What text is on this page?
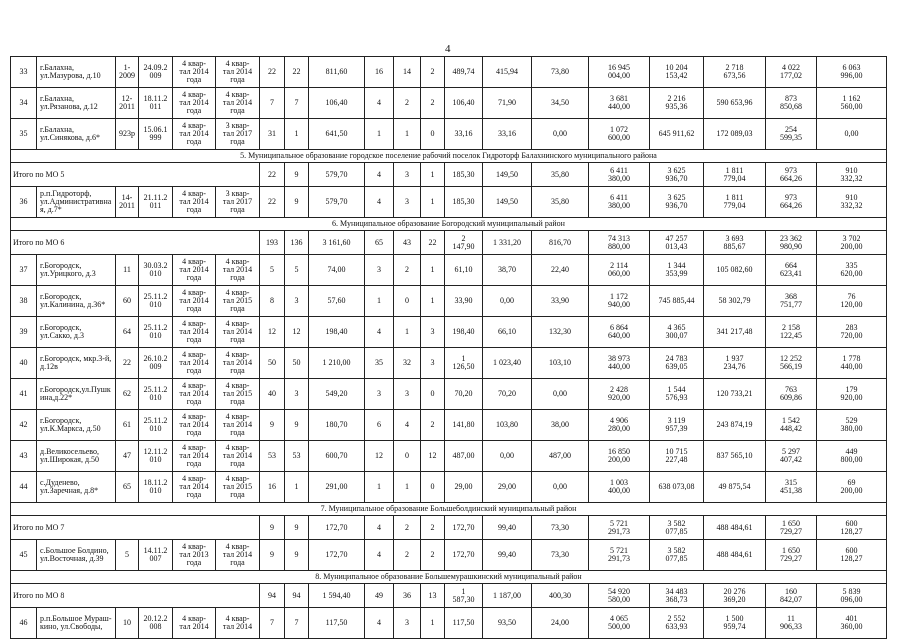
4
33	г.Балахна,
ул.Мазурова, д.10	1-
2009	24.09.2
009	4 квар-
тал 2014
года	4 квар-
тал 2014
года	22	22	811,60	16	14	2	489,74	415,94	73,80	16 945
004,00	10 204
153,42	2 718
673,56	4 022
177,02	6 063
996,00
34	г.Балахна,
ул.Рязанова, д.12	12-
2011	18.11.2
011	4 квар-
тал 2014
года	4 квар-
тал 2014
года	7	7	106,40	4	2	2	106,40	71,90	34,50	3 681
440,00	2 216
935,36	590 653,96	873
850,68	1 162
560,00
35	г.Балахна,
ул.Синякова, д.6*	923р	15.06.1
999	4 квар-
тал 2014
года	3 квар-
тал 2017
года	31	1	641,50	1	1	0	33,16	33,16	0,00	1 072
600,00	645 911,62	172 089,03	254
599,35	0,00
5. Муниципальное образование городское поселение рабочий поселок Гидроторф Балахнинского муниципального района																			
Итого по МО 5						22	9	579,70	4	3	1	185,30	149,50	35,80	6 411
380,00	3 625
936,70	1 811
779,04	973
664,26	910
332,32
36	р.п.Гидроторф,
ул.Административна
я, д.7*	14-
2011	21.11.2
011	4 квар-
тал 2014
года	3 квар-
тал 2017
года	22	9	579,70	4	3	1	185,30	149,50	35,80	6 411
380,00	3 625
936,70	1 811
779,04	973
664,26	910
332,32
6. Муниципальное образование Богородский муниципальный район																			
Итого по МО 6						193	136	3 161,60	65	43	22	2
147,90	1 331,20	816,70	74 313
880,00	47 257
013,43	3 693
885,67	23 362
980,90	3 702
200,00
37	г.Богородск,
ул.Урицкого, д.3	11	30.03.2
010	4 квар-
тал 2014
года	4 квар-
тал 2014
года	5	5	74,00	3	2	1	61,10	38,70	22,40	2 114
060,00	1 344
353,99	105 082,60	664
623,41	335
620,00
38	г.Богородск,
ул.Калинина, д.36*	60	25.11.2
010	4 квар-
тал 2014
года	4 квар-
тал 2015
года	8	3	57,60	1	0	1	33,90	0,00	33,90	1 172
940,00	745 885,44	58 302,79	368
751,77	76
120,00
39	г.Богородск,
ул.Сакко, д.3	64	25.11.2
010	4 квар-
тал 2014
года	4 квар-
тал 2014
года	12	12	198,40	4	1	3	198,40	66,10	132,30	6 864
640,00	4 365
300,07	341 217,48	2 158
122,45	283
720,00
40	г.Богородск, мкр.3-й,
д.12в	22	26.10.2
009	4 квар-
тал 2014
года	4 квар-
тал 2014
года	50	50	1 210,00	35	32	3	1
126,50	1 023,40	103,10	38 973
440,00	24 783
639,05	1 937
234,76	12 252
566,19	1 778
440,00
41	г.Богородск,ул.Пушк
ина,д.22*	62	25.11.2
010	4 квар-
тал 2014
года	4 квар-
тал 2015
года	40	3	549,20	3	3	0	70,20	70,20	0,00	2 428
920,00	1 544
576,93	120 733,21	763
609,86	179
920,00
42	г.Богородск,
ул.К.Маркса, д.50	61	25.11.2
010	4 квар-
тал 2014
года	4 квар-
тал 2014
года	9	9	180,70	6	4	2	141,80	103,80	38,00	4 906
280,00	3 119
957,39	243 874,19	1 542
448,42	529
380,00
43	д.Великосельево,
ул.Широкая, д.50	47	12.11.2
010	4 квар-
тал 2014
года	4 квар-
тал 2014
года	53	53	600,70	12	0	12	487,00	0,00	487,00	16 850
200,00	10 715
227,48	837 565,10	5 297
407,42	449
800,00
44	с.Дуденево,
ул.Заречная, д.8*	65	18.11.2
010	4 квар-
тал 2014
года	4 квар-
тал 2015
года	16	1	291,00	1	1	0	29,00	29,00	0,00	1 003
400,00	638 073,08	49 875,54	315
451,38	69
200,00
7. Муниципальное образование Большеболдинский муниципальный район																			
Итого по МО 7						9	9	172,70	4	2	2	172,70	99,40	73,30	5 721
291,73	3 582
077,85	488 484,61	1 650
729,27	600
128,27
45	с.Большое Болдино,
ул.Восточная, д.39	5	14.11.2
007	4 квар-
тал 2013
года	4 квар-
тал 2014
года	9	9	172,70	4	2	2	172,70	99,40	73,30	5 721
291,73	3 582
077,85	488 484,61	1 650
729,27	600
128,27
8. Муниципальное образование Большемурашкинский муниципальный район																			
Итого по МО 8						94	94	1 594,40	49	36	13	1
587,30	1 187,00	400,30	54 920
580,00	34 483
368,73	20 276
369,20	160
842,07	5 839
096,00
46	р.п.Большое Мураш-
кино, ул.Свободы,	10	20.12.2
008	4 квар-
тал 2014	4 квар-
тал 2014	7	7	117,50	4	3	1	117,50	93,50	24,00	4 065
500,00	2 552
633,93	1 500
959,74	11
906,33	401
360,00
